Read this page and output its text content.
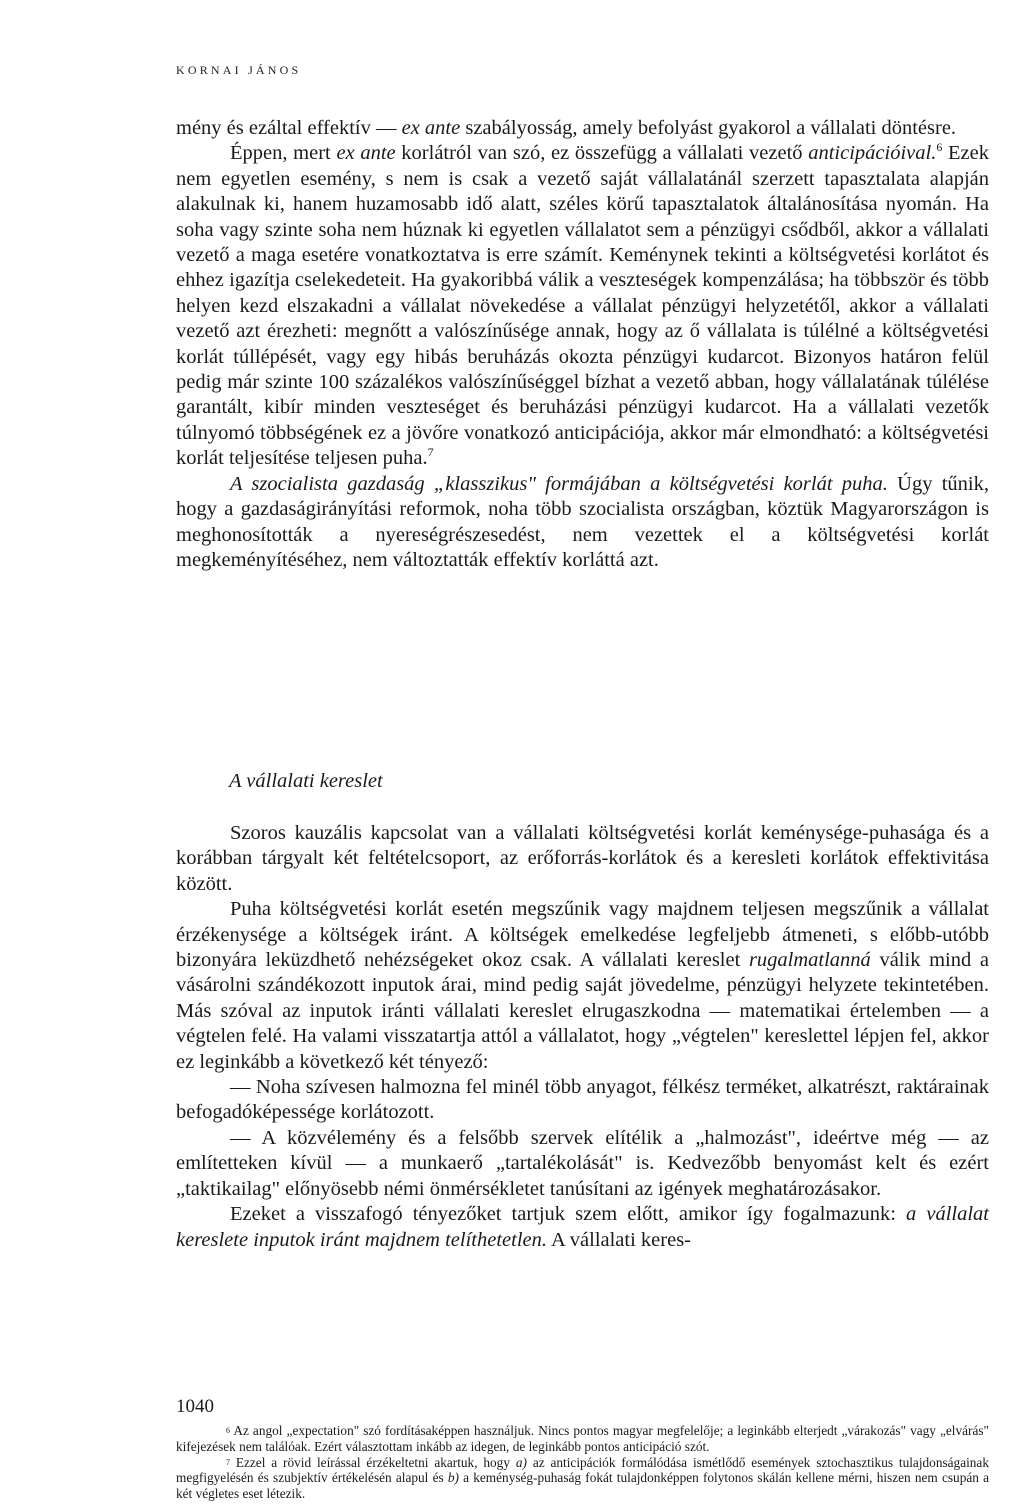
KORNAI JÁNOS

mény és ezáltal effektív — ex ante szabályosság, amely befolyást gyakorol a vállalati döntésre.

Éppen, mert ex ante korlátról van szó, ez összefügg a vállalati vezető anticipációival.$^6$ Ezek nem egyetlen esemény, s nem is csak a vezető saját vállalatánál szerzett tapasztalata alapján alakulnak ki, hanem huzamosabb idő alatt, széles körű tapasztalatok általánosítása nyomán. Ha soha vagy szinte soha nem húznak ki egyetlen vállalatot sem a pénzügyi csődből, akkor a vállalati vezető a maga esetére vonatkoztatva is erre számít. Keménynek tekinti a költségvetési korlátot és ehhez igazítja cselekedeteit. Ha gyakoribbá válik a veszteségek kompenzálása; ha többször és több helyen kezd elszakadni a vállalat növekedése a vállalat pénzügyi helyzetétől, akkor a vállalati vezető azt érezheti: megnőtt a valószínűsége annak, hogy az ő vállalata is túlélné a költségvetési korlát túllépését, vagy egy hibás beruházás okozta pénzügyi kudarcot. Bizonyos határon felül pedig már szinte 100 százalékos valószínűséggel bízhat a vezető abban, hogy vállalatának túlélése garantált, kibír minden veszteséget és beruházási pénzügyi kudarcot. Ha a vállalati vezetők túlnyomó többségének ez a jövőre vonatkozó anticipációja, akkor már elmondható: a költségvetési korlát teljesítése teljesen puha.$^7$

A szocialista gazdaság „klasszikus" formájában a költségvetési korlát puha. Úgy tűnik, hogy a gazdaságirányítási reformok, noha több szocialista országban, köztük Magyarországon is meghonosították a nyereségrészesedést, nem vezettek el a költségvetési korlát megkeményítéséhez, nem változtatták effektív korláttá azt.

A vállalati kereslet

Szoros kauzális kapcsolat van a vállalati költségvetési korlát keménysége-puhasága és a korábban tárgyalt két feltételcsoport, az erőforrás-korlátok és a keresleti korlátok effektivitása között.

Puha költségvetési korlát esetén megszűnik vagy majdnem teljesen megszűnik a vállalat érzékenysége a költségek iránt. A költségek emelkedése legfeljebb átmeneti, s előbb-utóbb bizonyára leküzdhető nehézségeket okoz csak. A vállalati kereslet rugalmatlanná válik mind a vásárolni szándékozott inputok árai, mind pedig saját jövedelme, pénzügyi helyzete tekintetében. Más szóval az inputok iránti vállalati kereslet elrugaszkodna — matematikai értelemben — a végtelen felé. Ha valami visszatartja attól a vállalatot, hogy „végtelen" kereslettel lépjen fel, akkor ez leginkább a következő két tényező:

— Noha szívesen halmozna fel minél több anyagot, félkész terméket, alkatrészt, raktárainak befogadóképessége korlátozott.

— A közvélemény és a felsőbb szervek elítélik a „halmozást", ideértve még — az említetteken kívül — a munkaerő „tartalékolását" is. Kedvezőbb benyomást kelt és ezért „taktikailag" előnyösebb némi önmérsékletet tanúsítani az igények meghatározásakor.

Ezeket a visszafogó tényezőket tartjuk szem előtt, amikor így fogalmazunk: a vállalat kereslete inputok iránt majdnem telíthetetlen. A vállalati keres-

$^6$ Az angol „expectation" szó fordításaképpen használjuk. Nincs pontos magyar megfelelője; a leginkább elterjedt „várakozás" vagy „elvárás" kifejezések nem találóak. Ezért választottam inkább az idegen, de leginkább pontos anticipáció szót.

$^7$ Ezzel a rövid leírással érzékeltetni akartuk, hogy a) az anticipációk formálódása ismétlődő események sztochasztikus tulajdonságainak megfigyelésén és szubjektív értékelésén alapul és b) a keménység-puhaság fokát tulajdonképpen folytonos skálán kellene mérni, hiszen nem csupán a két végletes eset létezik.

1040
